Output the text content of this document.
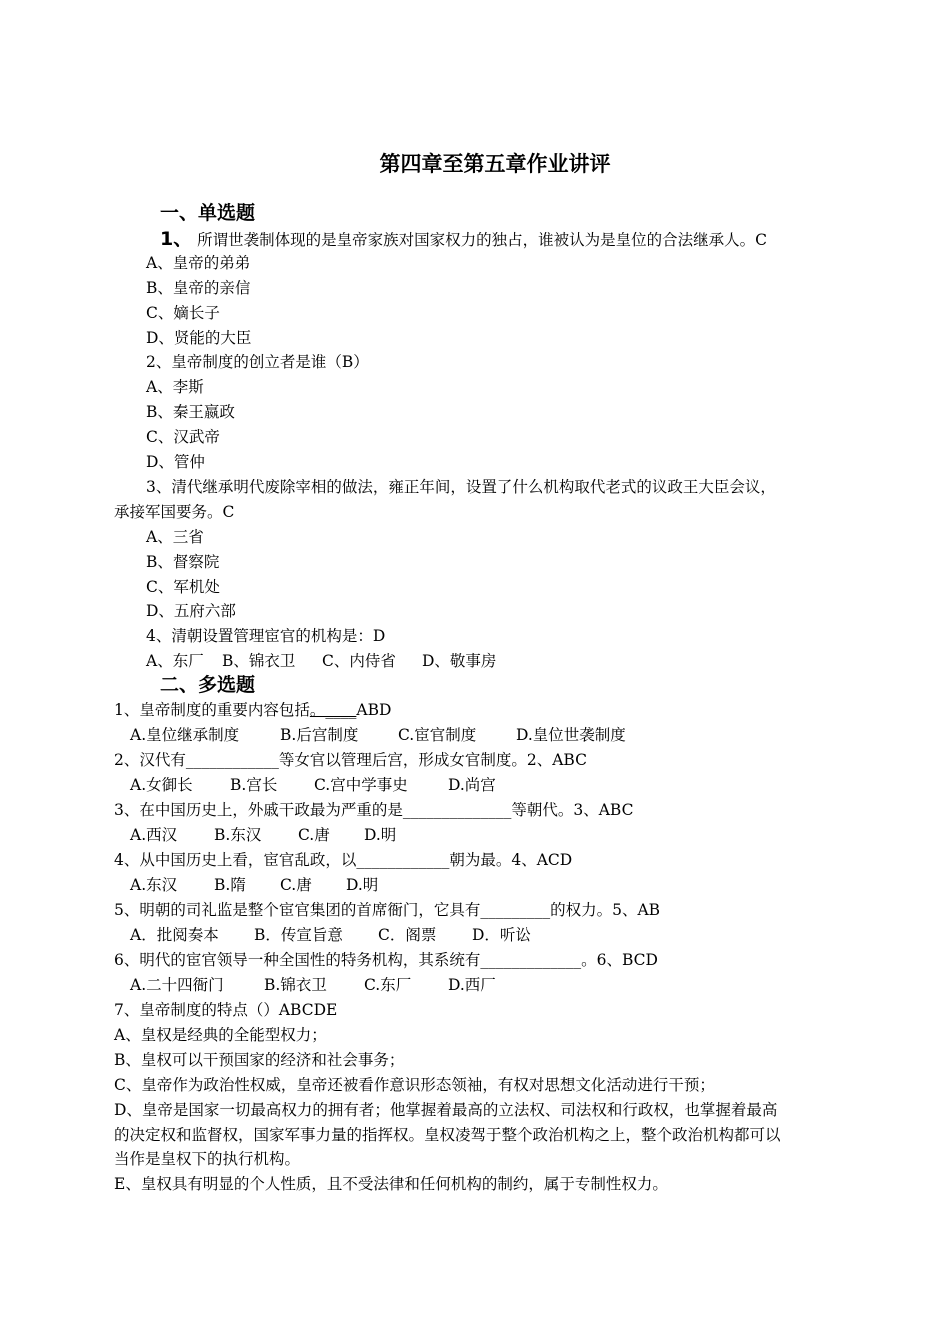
第四章至第五章作业讲评
一、单选题
1、 所谓世袭制体现的是皇帝家族对国家权力的独占，谁被认为是皇位的合法继承人。C
A、皇帝的弟弟
B、皇帝的亲信
C、嫡长子
D、贤能的大臣
2、皇帝制度的创立者是谁（B）
A、李斯
B、秦王嬴政
C、汉武帝
D、管仲
3、清代继承明代废除宰相的做法，雍正年间，设置了什么机构取代老式的议政王大臣会议，
承接军国要务。C
A、三省
B、督察院
C、军机处
D、五府六部
4、清朝设置管理宦官的机构是：D
A、东厂 B、锦衣卫 C、内侍省 D、敬事房
二、多选题
1、皇帝制度的重要内容包括。____ABD
A.皇位继承制度	B.后宫制度	C.宦官制度	D.皇位世袭制度
2、汉代有____________等女官以管理后宫，形成女官制度。2、ABC
A.女御长 B.宫长 C.宫中学事史	D.尚宫
3、在中国历史上，外戚干政最为严重的是______________等朝代。3、ABC
A.西汉 B.东汉 C.唐 D.明
4、从中国历史上看，宦官乱政，以____________朝为最。4、ACD
A.东汉 B.隋 C.唐 D.明
5、明朝的司礼监是整个宦官集团的首席衙门，它具有_________的权力。5、AB
A．批阅奏本 B．传宣旨意 C．阁票 D．听讼
6、明代的宦官领导一种全国性的特务机构，其系统有_____________。6、BCD
A.二十四衙门	B.锦衣卫 C.东厂 D.西厂
7、皇帝制度的特点（）ABCDE
A、皇权是经典的全能型权力；
B、皇权可以干预国家的经济和社会事务；
C、皇帝作为政治性权威，皇帝还被看作意识形态领袖，有权对思想文化活动进行干预；
D、皇帝是国家一切最高权力的拥有者；他掌握着最高的立法权、司法权和行政权，也掌握着最高
的决定权和监督权，国家军事力量的指挥权。皇权凌驾于整个政治机构之上，整个政治机构都可以
当作是皇权下的执行机构。
E、皇权具有明显的个人性质，且不受法律和任何机构的制约，属于专制性权力。
